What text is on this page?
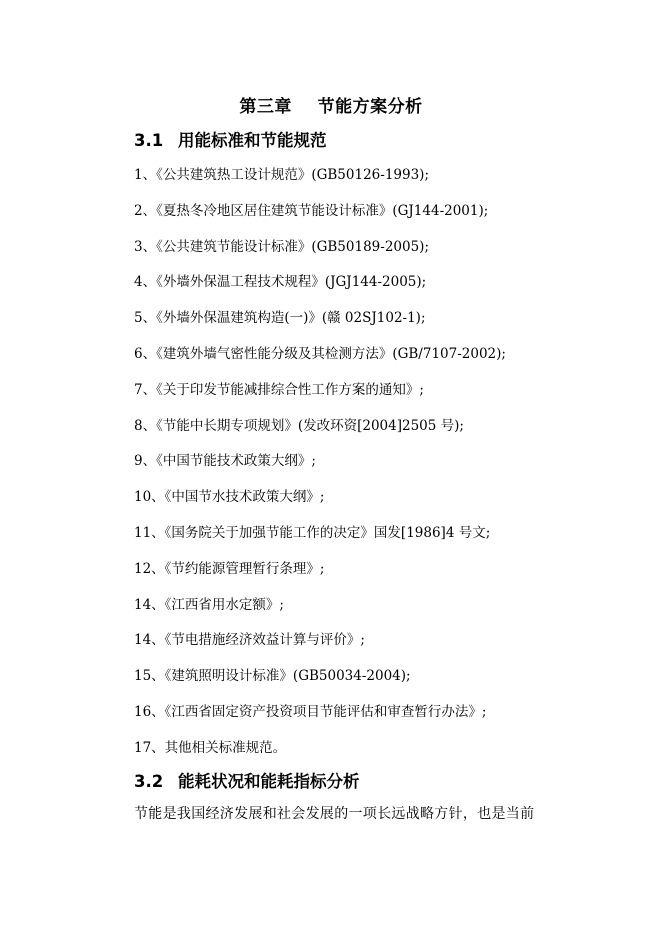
第三章    节能方案分析
3.1 用能标准和节能规范
1、《公共建筑热工设计规范》(GB50126-1993);
2、《夏热冬冷地区居住建筑节能设计标准》(GJ144-2001);
3、《公共建筑节能设计标准》(GB50189-2005);
4、《外墙外保温工程技术规程》(JGJ144-2005);
5、《外墙外保温建筑构造(一)》(赣 02SJ102-1);
6、《建筑外墙气密性能分级及其检测方法》(GB/7107-2002);
7、《关于印发节能减排综合性工作方案的通知》;
8、《节能中长期专项规划》(发改环资[2004]2505 号);
9、《中国节能技术政策大纲》;
10、《中国节水技术政策大纲》;
11、《国务院关于加强节能工作的决定》国发[1986]4 号文;
12、《节约能源管理暂行条理》;
14、《江西省用水定额》;
14、《节电措施经济效益计算与评价》;
15、《建筑照明设计标准》(GB50034-2004);
16、《江西省固定资产投资项目节能评估和审查暂行办法》;
17、其他相关标准规范。
3.2 能耗状况和能耗指标分析
节能是我国经济发展和社会发展的一项长远战略方针，也是当前
